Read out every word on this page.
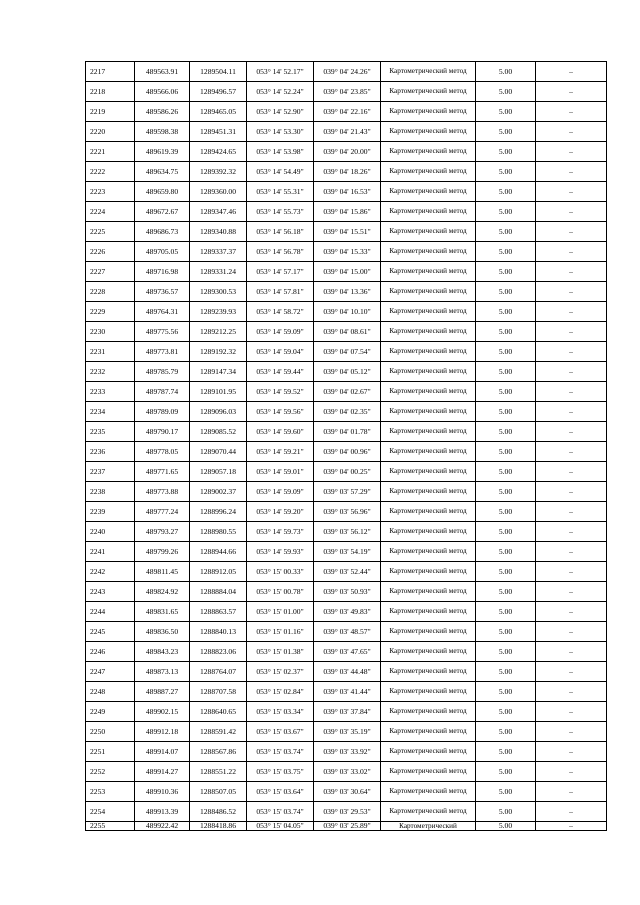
2217	489563.91	1289504.11	053° 14' 52.17"	039° 04' 24.26"	Картометрический метод	5.00	–
2218	489566.06	1289496.57	053° 14' 52.24"	039° 04' 23.85"	Картометрический метод	5.00	–
2219	489586.26	1289465.05	053° 14' 52.90"	039° 04' 22.16"	Картометрический метод	5.00	–
2220	489598.38	1289451.31	053° 14' 53.30"	039° 04' 21.43"	Картометрический метод	5.00	–
2221	489619.39	1289424.65	053° 14' 53.98"	039° 04' 20.00"	Картометрический метод	5.00	–
2222	489634.75	1289392.32	053° 14' 54.49"	039° 04' 18.26"	Картометрический метод	5.00	–
2223	489659.80	1289360.00	053° 14' 55.31"	039° 04' 16.53"	Картометрический метод	5.00	–
2224	489672.67	1289347.46	053° 14' 55.73"	039° 04' 15.86"	Картометрический метод	5.00	–
2225	489686.73	1289340.88	053° 14' 56.18"	039° 04' 15.51"	Картометрический метод	5.00	–
2226	489705.05	1289337.37	053° 14' 56.78"	039° 04' 15.33"	Картометрический метод	5.00	–
2227	489716.98	1289331.24	053° 14' 57.17"	039° 04' 15.00"	Картометрический метод	5.00	–
2228	489736.57	1289300.53	053° 14' 57.81"	039° 04' 13.36"	Картометрический метод	5.00	–
2229	489764.31	1289239.93	053° 14' 58.72"	039° 04' 10.10"	Картометрический метод	5.00	–
2230	489775.56	1289212.25	053° 14' 59.09"	039° 04' 08.61"	Картометрический метод	5.00	–
2231	489773.81	1289192.32	053° 14' 59.04"	039° 04' 07.54"	Картометрический метод	5.00	–
2232	489785.79	1289147.34	053° 14' 59.44"	039° 04' 05.12"	Картометрический метод	5.00	–
2233	489787.74	1289101.95	053° 14' 59.52"	039° 04' 02.67"	Картометрический метод	5.00	–
2234	489789.09	1289096.03	053° 14' 59.56"	039° 04' 02.35"	Картометрический метод	5.00	–
2235	489790.17	1289085.52	053° 14' 59.60"	039° 04' 01.78"	Картометрический метод	5.00	–
2236	489778.05	1289070.44	053° 14' 59.21"	039° 04' 00.96"	Картометрический метод	5.00	–
2237	489771.65	1289057.18	053° 14' 59.01"	039° 04' 00.25"	Картометрический метод	5.00	–
2238	489773.88	1289002.37	053° 14' 59.09"	039° 03' 57.29"	Картометрический метод	5.00	–
2239	489777.24	1288996.24	053° 14' 59.20"	039° 03' 56.96"	Картометрический метод	5.00	–
2240	489793.27	1288980.55	053° 14' 59.73"	039° 03' 56.12"	Картометрический метод	5.00	–
2241	489799.26	1288944.66	053° 14' 59.93"	039° 03' 54.19"	Картометрический метод	5.00	–
2242	489811.45	1288912.05	053° 15' 00.33"	039° 03' 52.44"	Картометрический метод	5.00	–
2243	489824.92	1288884.04	053° 15' 00.78"	039° 03' 50.93"	Картометрический метод	5.00	–
2244	489831.65	1288863.57	053° 15' 01.00"	039° 03' 49.83"	Картометрический метод	5.00	–
2245	489836.50	1288840.13	053° 15' 01.16"	039° 03' 48.57"	Картометрический метод	5.00	–
2246	489843.23	1288823.06	053° 15' 01.38"	039° 03' 47.65"	Картометрический метод	5.00	–
2247	489873.13	1288764.07	053° 15' 02.37"	039° 03' 44.48"	Картометрический метод	5.00	–
2248	489887.27	1288707.58	053° 15' 02.84"	039° 03' 41.44"	Картометрический метод	5.00	–
2249	489902.15	1288640.65	053° 15' 03.34"	039° 03' 37.84"	Картометрический метод	5.00	–
2250	489912.18	1288591.42	053° 15' 03.67"	039° 03' 35.19"	Картометрический метод	5.00	–
2251	489914.07	1288567.86	053° 15' 03.74"	039° 03' 33.92"	Картометрический метод	5.00	–
2252	489914.27	1288551.22	053° 15' 03.75"	039° 03' 33.02"	Картометрический метод	5.00	–
2253	489910.36	1288507.05	053° 15' 03.64"	039° 03' 30.64"	Картометрический метод	5.00	–
2254	489913.39	1288486.52	053° 15' 03.74"	039° 03' 29.53"	Картометрический метод	5.00	–
2255	489922.42	1288418.86	053° 15' 04.05"	039° 03' 25.89"	Картометрический	5.00	–
